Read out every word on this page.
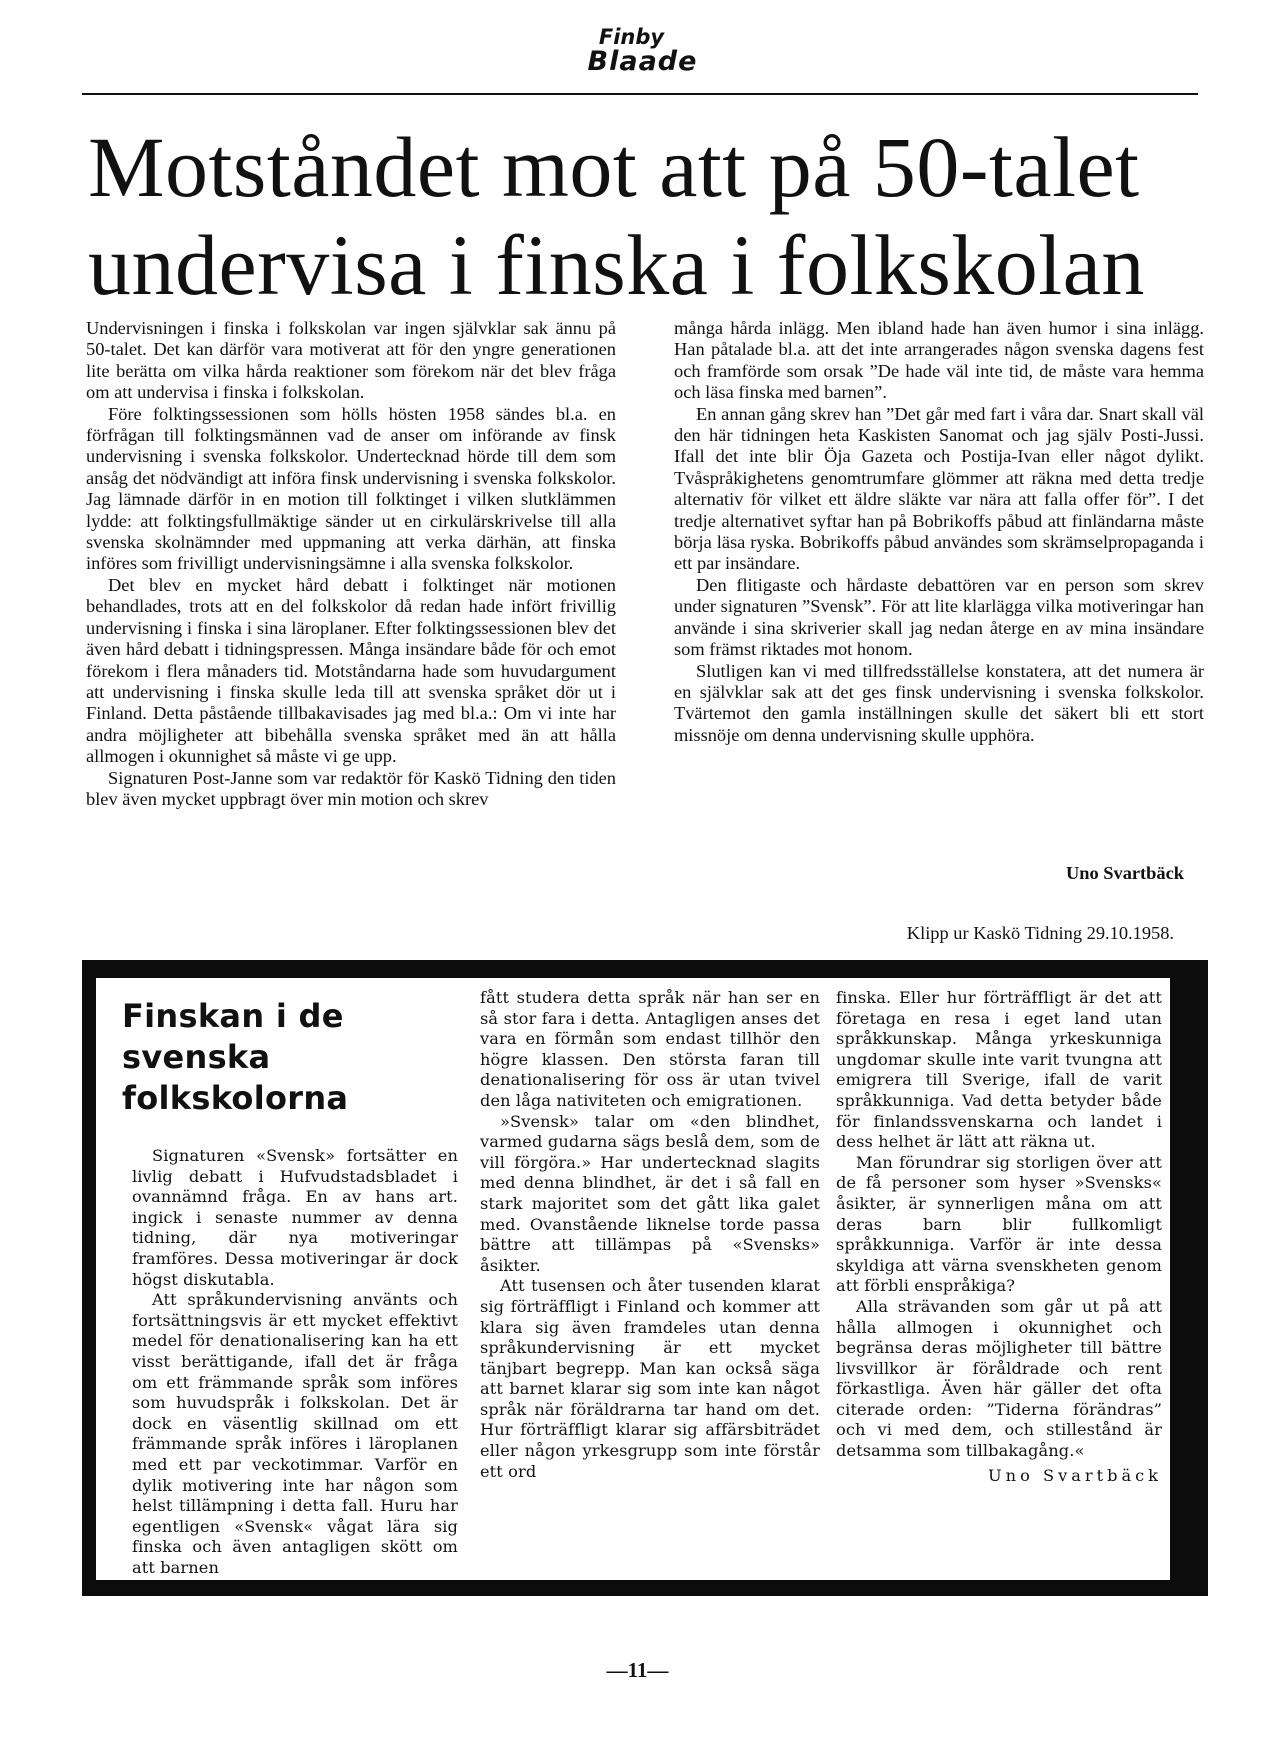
Finby
Blaade
Motståndet mot att på 50-talet undervisa i finska i folkskolan

Undervisningen i finska i folkskolan var ingen självklar sak ännu på 50-talet. Det kan därför vara motiverat att för den yngre generationen lite berätta om vilka hårda reaktioner som förekom när det blev fråga om att undervisa i finska i folkskolan.

Före folktingssessionen som hölls hösten 1958 sändes bl.a. en förfrågan till folktingsmännen vad de anser om införande av finsk undervisning i svenska folkskolor. Undertecknad hörde till dem som ansåg det nödvändigt att införa finsk undervisning i svenska folkskolor. Jag lämnade därför in en motion till folktinget i vilken slutklämmen lydde: att folktingsfullmäktige sänder ut en cirkulärskrivelse till alla svenska skolnämnder med uppmaning att verka därhän, att finska införes som frivilligt undervisningsämne i alla svenska folkskolor.

Det blev en mycket hård debatt i folktinget när motionen behandlades, trots att en del folkskolor då redan hade infört frivillig undervisning i finska i sina läroplaner. Efter folktingssessionen blev det även hård debatt i tidningspressen. Många insändare både för och emot förekom i flera månaders tid. Motståndarna hade som huvudargument att undervisning i finska skulle leda till att svenska språket dör ut i Finland. Detta påstående tillbakavisades jag med bl.a.: Om vi inte har andra möjligheter att bibehålla svenska språket med än att hålla allmogen i okunnighet så måste vi ge upp.

Signaturen Post-Janne som var redaktör för Kaskö Tidning den tiden blev även mycket uppbragt över min motion och skrev

många hårda inlägg. Men ibland hade han även humor i sina inlägg. Han påtalade bl.a. att det inte arrangerades någon svenska dagens fest och framförde som orsak ”De hade väl inte tid, de måste vara hemma och läsa finska med barnen”.

En annan gång skrev han ”Det går med fart i våra dar. Snart skall väl den här tidningen heta Kaskisten Sanomat och jag själv Posti-Jussi. Ifall det inte blir Öja Gazeta och Postija-Ivan eller något dylikt. Tvåspråkighetens genomtrumfare glömmer att räkna med detta tredje alternativ för vilket ett äldre släkte var nära att falla offer för”. I det tredje alternativet syftar han på Bobrikoffs påbud att finländarna måste börja läsa ryska. Bobrikoffs påbud användes som skrämselpropaganda i ett par insändare.

Den flitigaste och hårdaste debattören var en person som skrev under signaturen ”Svensk”. För att lite klarlägga vilka motiveringar han använde i sina skriverier skall jag nedan återge en av mina insändare som främst riktades mot honom.

Slutligen kan vi med tillfredsställelse konstatera, att det numera är en självklar sak att det ges finsk undervisning i svenska folkskolor. Tvärtemot den gamla inställningen skulle det säkert bli ett stort missnöje om denna undervisning skulle upphöra.

Uno Svartbäck
Klipp ur Kaskö Tidning 29.10.1958.
Finskan i de svenska folkskolorna

Signaturen «Svensk» fortsätter en livlig debatt i Hufvudstadsbladet i ovannämnd fråga. En av hans art. ingick i senaste nummer av denna tidning, där nya motiveringar framföres. Dessa motiveringar är dock högst diskutabla.

Att språkundervisning använts och fortsättningsvis är ett mycket effektivt medel för denationalisering kan ha ett visst berättigande, ifall det är fråga om ett främmande språk som införes som huvudspråk i folkskolan. Det är dock en väsentlig skillnad om ett främmande språk införes i läroplanen med ett par veckotimmar. Varför en dylik motivering inte har någon som helst tillämpning i detta fall. Huru har egentligen «Svensk« vågat lära sig finska och även antagligen skött om att barnen

fått studera detta språk när han ser en så stor fara i detta. Antagligen anses det vara en förmån som endast tillhör den högre klassen. Den största faran till denationalisering för oss är utan tvivel den låga nativiteten och emigrationen.

»Svensk» talar om «den blindhet, varmed gudarna sägs beslå dem, som de vill förgöra.» Har undertecknad slagits med denna blindhet, är det i så fall en stark majoritet som det gått lika galet med. Ovanstående liknelse torde passa bättre att tillämpas på «Svensks» åsikter.

Att tusensen och åter tusenden klarat sig förträffligt i Finland och kommer att klara sig även framdeles utan denna språkundervisning är ett mycket tänjbart begrepp. Man kan också säga att barnet klarar sig som inte kan något språk när föräldrarna tar hand om det. Hur förträffligt klarar sig affärsbiträdet eller någon yrkesgrupp som inte förstår ett ord

finska. Eller hur förträffligt är det att företaga en resa i eget land utan språkkunskap. Många yrkeskunniga ungdomar skulle inte varit tvungna att emigrera till Sverige, ifall de varit språkkunniga. Vad detta betyder både för finlandssvenskarna och landet i dess helhet är lätt att räkna ut.

Man förundrar sig storligen över att de få personer som hyser »Svensks« åsikter, är synnerligen måna om att deras barn blir fullkomligt språkkunniga. Varför är inte dessa skyldiga att värna svenskheten genom att förbli enspråkiga?

Alla strävanden som går ut på att hålla allmogen i okunnighet och begränsa deras möjligheter till bättre livsvillkor är föråldrade och rent förkastliga. Även här gäller det ofta citerade orden: ”Tiderna förändras” och vi med dem, och stillestånd är detsamma som tillbakagång.«

Uno Svartbäck

—11—
